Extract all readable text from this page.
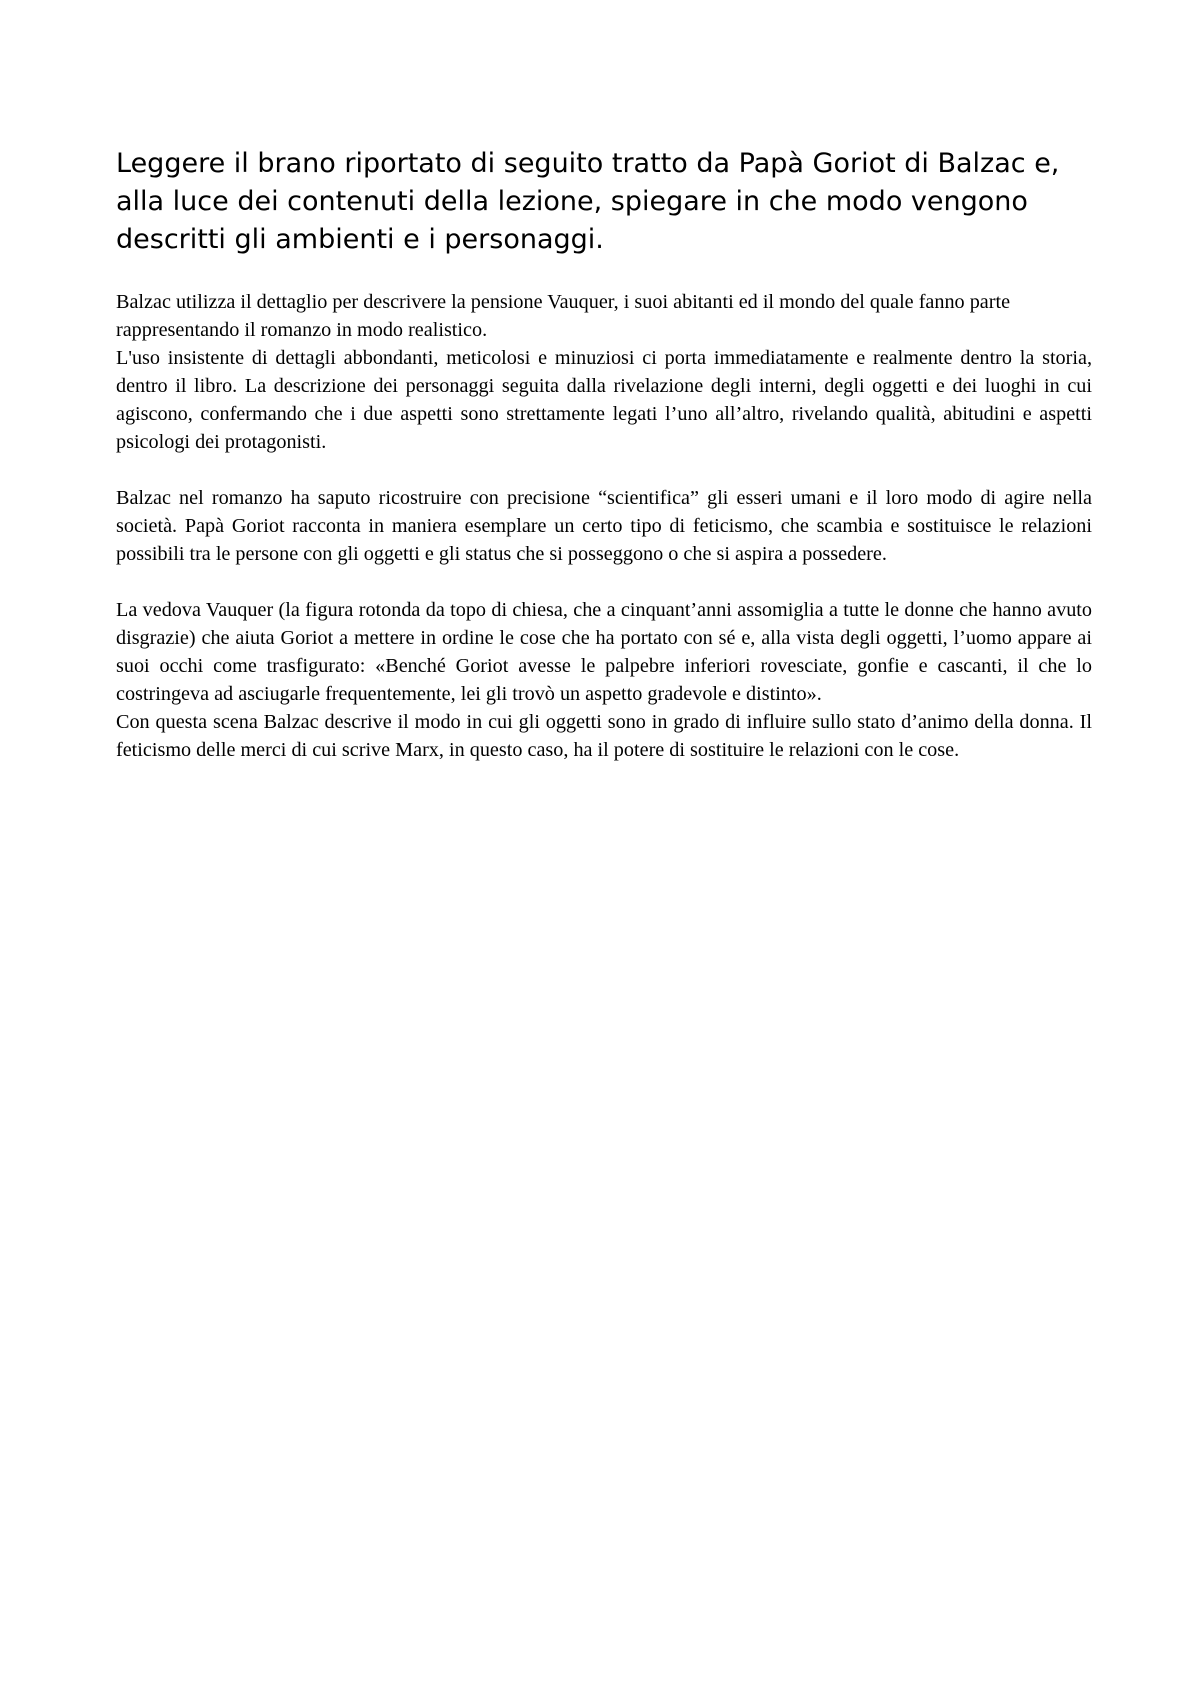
Leggere il brano riportato di seguito tratto da Papà Goriot di Balzac e, alla luce dei contenuti della lezione, spiegare in che modo vengono descritti gli ambienti e i personaggi.

Balzac utilizza il dettaglio per descrivere la pensione Vauquer, i suoi abitanti ed il mondo del quale fanno parte rappresentando il romanzo in modo realistico.

L'uso insistente di dettagli abbondanti, meticolosi e minuziosi ci porta immediatamente e realmente dentro la storia, dentro il libro. La descrizione dei personaggi seguita dalla rivelazione degli interni, degli oggetti e dei luoghi in cui agiscono, confermando che i due aspetti sono strettamente legati l’uno all’altro, rivelando qualità, abitudini e aspetti psicologi dei protagonisti.

Balzac nel romanzo ha saputo ricostruire con precisione “scientifica” gli esseri umani e il loro modo di agire nella società. Papà Goriot racconta in maniera esemplare un certo tipo di feticismo, che scambia e sostituisce le relazioni possibili tra le persone con gli oggetti e gli status che si posseggono o che si aspira a possedere.

La vedova Vauquer (la figura rotonda da topo di chiesa, che a cinquant’anni assomiglia a tutte le donne che hanno avuto disgrazie) che aiuta Goriot a mettere in ordine le cose che ha portato con sé e, alla vista degli oggetti, l’uomo appare ai suoi occhi come trasfigurato: «Benché Goriot avesse le palpebre inferiori rovesciate, gonfie e cascanti, il che lo costringeva ad asciugarle frequentemente, lei gli trovò un aspetto gradevole e distinto».

Con questa scena Balzac descrive il modo in cui gli oggetti sono in grado di influire sullo stato d’animo della donna. Il feticismo delle merci di cui scrive Marx, in questo caso, ha il potere di sostituire le relazioni con le cose.
